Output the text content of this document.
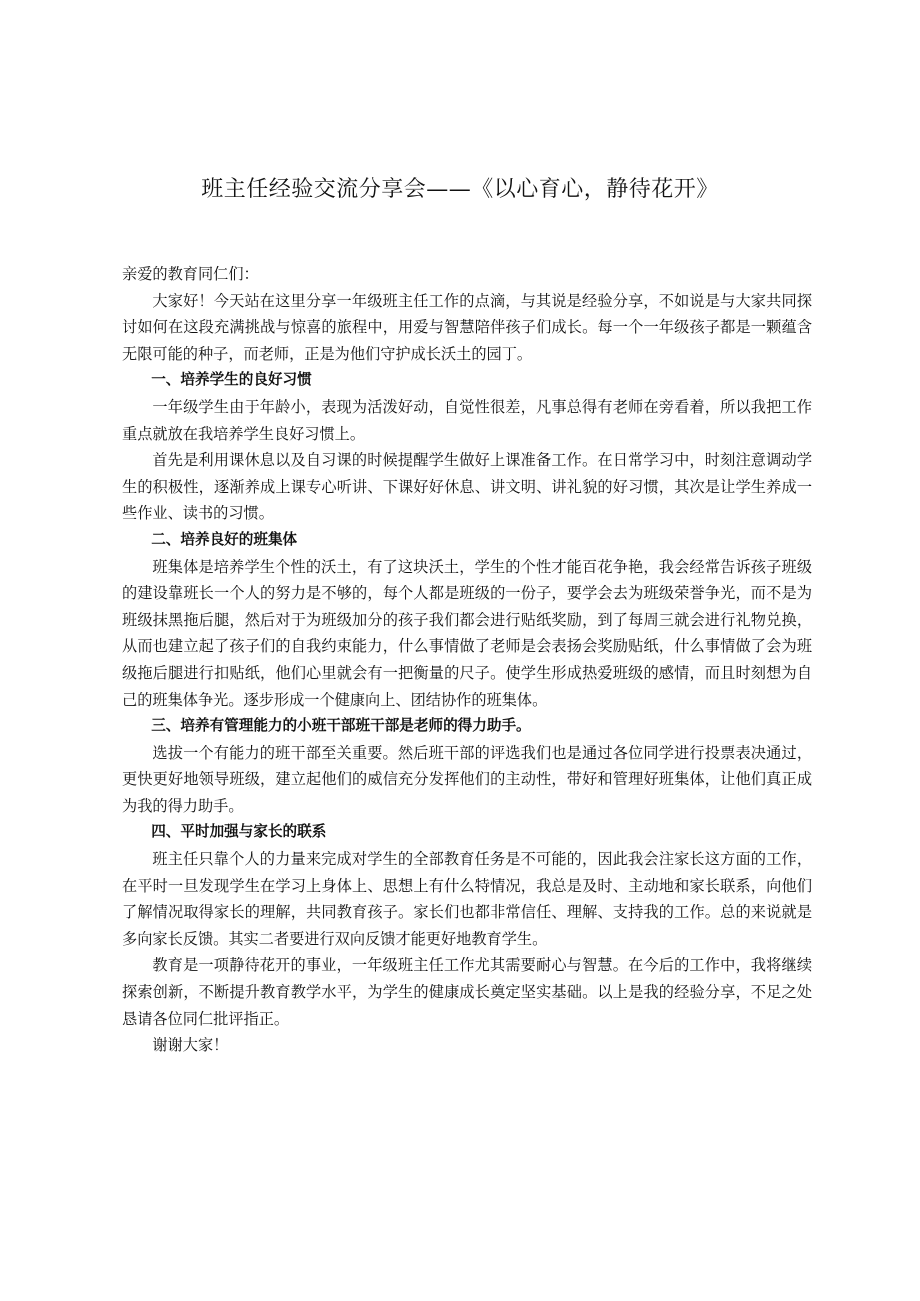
班主任经验交流分享会——《以心育心，静待花开》

亲爱的教育同仁们：

大家好！今天站在这里分享一年级班主任工作的点滴，与其说是经验分享，不如说是与大家共同探讨如何在这段充满挑战与惊喜的旅程中，用爱与智慧陪伴孩子们成长。每一个一年级孩子都是一颗蕴含无限可能的种子，而老师，正是为他们守护成长沃土的园丁。

一、培养学生的良好习惯

一年级学生由于年龄小，表现为活泼好动，自觉性很差，凡事总得有老师在旁看着，所以我把工作重点就放在我培养学生良好习惯上。

首先是利用课休息以及自习课的时候提醒学生做好上课准备工作。在日常学习中，时刻注意调动学生的积极性，逐渐养成上课专心听讲、下课好好休息、讲文明、讲礼貌的好习惯，其次是让学生养成一些作业、读书的习惯。

二、培养良好的班集体

班集体是培养学生个性的沃土，有了这块沃土，学生的个性才能百花争艳，我会经常告诉孩子班级的建设靠班长一个人的努力是不够的，每个人都是班级的一份子，要学会去为班级荣誉争光，而不是为班级抹黑拖后腿，然后对于为班级加分的孩子我们都会进行贴纸奖励，到了每周三就会进行礼物兑换，从而也建立起了孩子们的自我约束能力，什么事情做了老师是会表扬会奖励贴纸，什么事情做了会为班级拖后腿进行扣贴纸，他们心里就会有一把衡量的尺子。使学生形成热爱班级的感情，而且时刻想为自己的班集体争光。逐步形成一个健康向上、团结协作的班集体。

三、培养有管理能力的小班干部班干部是老师的得力助手。

选拔一个有能力的班干部至关重要。然后班干部的评选我们也是通过各位同学进行投票表决通过，更快更好地领导班级，建立起他们的威信充分发挥他们的主动性，带好和管理好班集体，让他们真正成为我的得力助手。

四、平时加强与家长的联系

班主任只靠个人的力量来完成对学生的全部教育任务是不可能的，因此我会注家长这方面的工作，在平时一旦发现学生在学习上身体上、思想上有什么特情况，我总是及时、主动地和家长联系，向他们了解情况取得家长的理解，共同教育孩子。家长们也都非常信任、理解、支持我的工作。总的来说就是多向家长反馈。其实二者要进行双向反馈才能更好地教育学生。

教育是一项静待花开的事业，一年级班主任工作尤其需要耐心与智慧。在今后的工作中，我将继续探索创新，不断提升教育教学水平，为学生的健康成长奠定坚实基础。以上是我的经验分享，不足之处恳请各位同仁批评指正。

谢谢大家！
